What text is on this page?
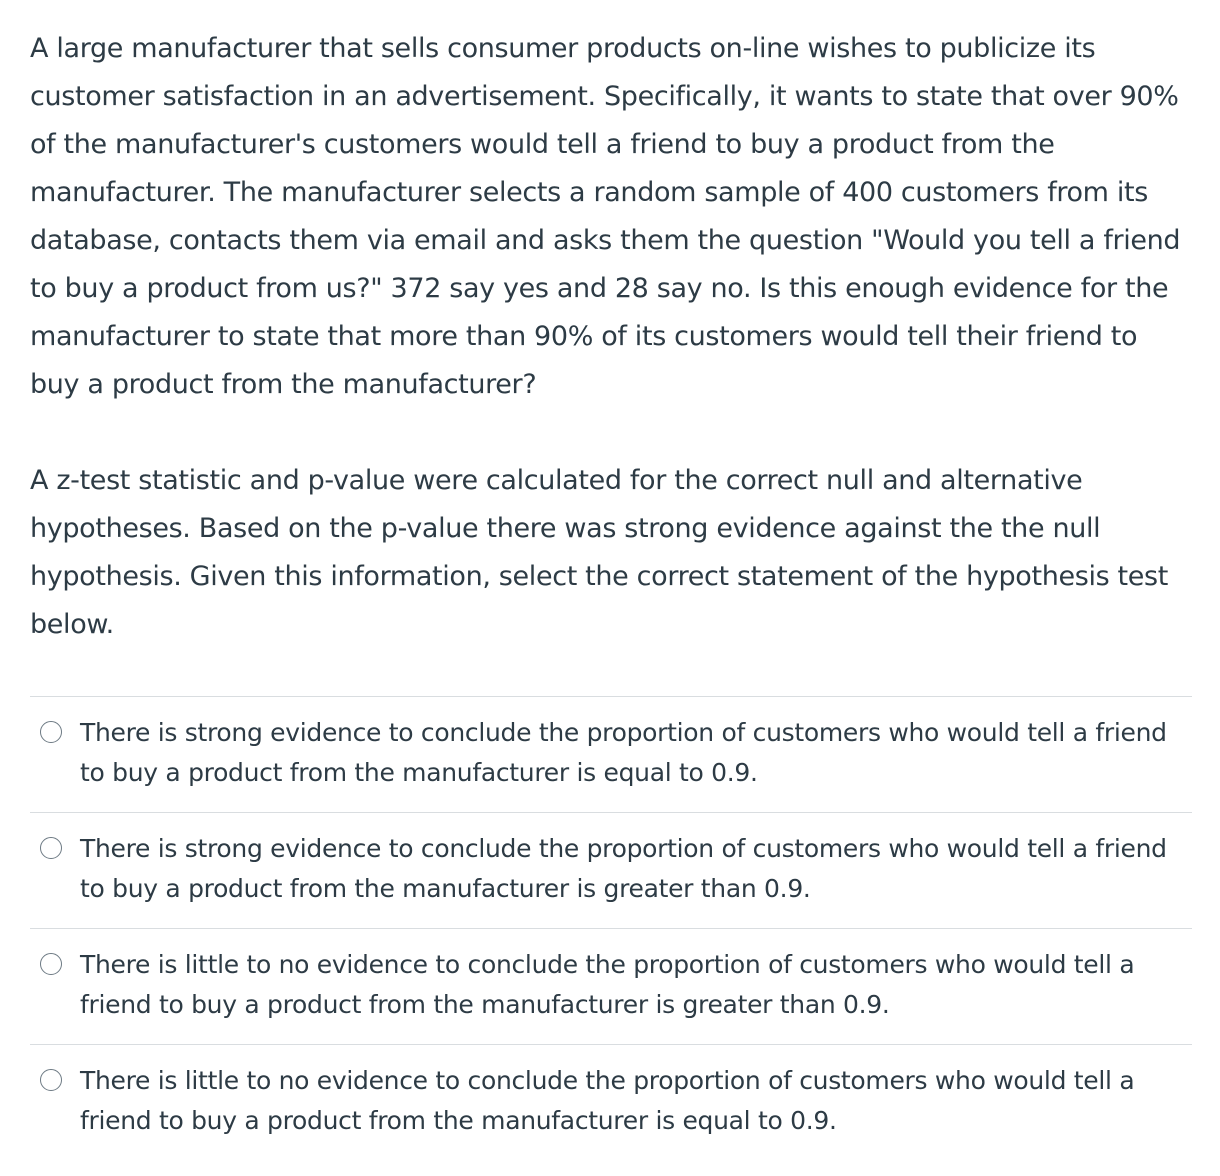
A large manufacturer that sells consumer products on-line wishes to publicize its customer satisfaction in an advertisement. Specifically, it wants to state that over 90% of the manufacturer's customers would tell a friend to buy a product from the manufacturer. The manufacturer selects a random sample of 400 customers from its database, contacts them via email and asks them the question "Would you tell a friend to buy a product from us?" 372 say yes and 28 say no. Is this enough evidence for the manufacturer to state that more than 90% of its customers would tell their friend to buy a product from the manufacturer?

A z-test statistic and p-value were calculated for the correct null and alternative hypotheses. Based on the p-value there was strong evidence against the the null hypothesis. Given this information, select the correct statement of the hypothesis test below.

There is strong evidence to conclude the proportion of customers who would tell a friend to buy a product from the manufacturer is equal to 0.9.

There is strong evidence to conclude the proportion of customers who would tell a friend to buy a product from the manufacturer is greater than 0.9.

There is little to no evidence to conclude the proportion of customers who would tell a friend to buy a product from the manufacturer is greater than 0.9.

There is little to no evidence to conclude the proportion of customers who would tell a friend to buy a product from the manufacturer is equal to 0.9.
